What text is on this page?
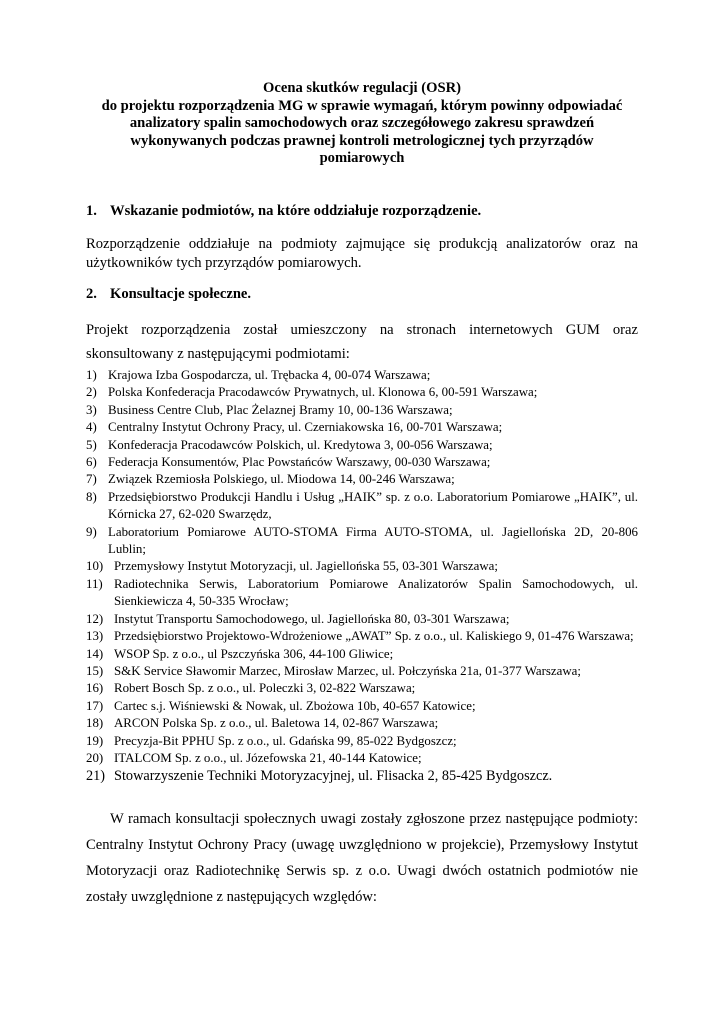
Ocena skutków regulacji (OSR)
do projektu rozporządzenia MG w sprawie wymagań, którym powinny odpowiadać
analizatory spalin samochodowych oraz szczegółowego zakresu sprawdzeń
wykonywanych podczas prawnej kontroli metrologicznej tych przyrządów
pomiarowych
1. Wskazanie podmiotów, na które oddziałuje rozporządzenie.
Rozporządzenie oddziałuje na podmioty zajmujące się produkcją analizatorów oraz na użytkowników tych przyrządów pomiarowych.
2. Konsultacje społeczne.
Projekt rozporządzenia został umieszczony na stronach internetowych GUM oraz skonsultowany z następującymi podmiotami:
1) Krajowa Izba Gospodarcza, ul. Trębacka 4, 00-074 Warszawa;
2) Polska Konfederacja Pracodawców Prywatnych, ul. Klonowa 6, 00-591 Warszawa;
3) Business Centre Club, Plac Żelaznej Bramy 10, 00-136 Warszawa;
4) Centralny Instytut Ochrony Pracy, ul. Czerniakowska 16, 00-701 Warszawa;
5) Konfederacja Pracodawców Polskich, ul. Kredytowa 3, 00-056 Warszawa;
6) Federacja Konsumentów, Plac Powstańców Warszawy, 00-030 Warszawa;
7) Związek Rzemiosła Polskiego, ul. Miodowa 14, 00-246 Warszawa;
8) Przedsiębiorstwo Produkcji Handlu i Usług „HAIK” sp. z o.o. Laboratorium Pomiarowe „HAIK”, ul. Kórnicka 27, 62-020 Swarzędz,
9) Laboratorium Pomiarowe AUTO-STOMA Firma AUTO-STOMA, ul. Jagiellońska 2D, 20-806 Lublin;
10) Przemysłowy Instytut Motoryzacji, ul. Jagiellońska 55, 03-301 Warszawa;
11) Radiotechnika Serwis, Laboratorium Pomiarowe Analizatorów Spalin Samochodowych, ul. Sienkiewicza 4, 50-335 Wrocław;
12) Instytut Transportu Samochodowego, ul. Jagiellońska 80, 03-301 Warszawa;
13) Przedsiębiorstwo Projektowo-Wdrożeniowe „AWAT” Sp. z o.o., ul. Kaliskiego 9, 01-476 Warszawa;
14) WSOP Sp. z o.o., ul Pszczyńska 306, 44-100 Gliwice;
15) S&K Service Sławomir Marzec, Mirosław Marzec, ul. Połczyńska 21a, 01-377 Warszawa;
16) Robert Bosch Sp. z o.o., ul. Poleczki 3, 02-822 Warszawa;
17) Cartec s.j. Wiśniewski & Nowak, ul. Zbożowa 10b, 40-657 Katowice;
18) ARCON Polska Sp. z o.o., ul. Baletowa 14, 02-867 Warszawa;
19) Precyzja-Bit PPHU Sp. z o.o., ul. Gdańska 99, 85-022 Bydgoszcz;
20) ITALCOM Sp. z o.o., ul. Józefowska 21, 40-144 Katowice;
21) Stowarzyszenie Techniki Motoryzacyjnej, ul. Flisacka 2, 85-425 Bydgoszcz.
W ramach konsultacji społecznych uwagi zostały zgłoszone przez następujące podmioty: Centralny Instytut Ochrony Pracy (uwagę uwzględniono w projekcie), Przemysłowy Instytut Motoryzacji oraz Radiotechnikę Serwis sp. z o.o. Uwagi dwóch ostatnich podmiotów nie zostały uwzględnione z następujących względów:
